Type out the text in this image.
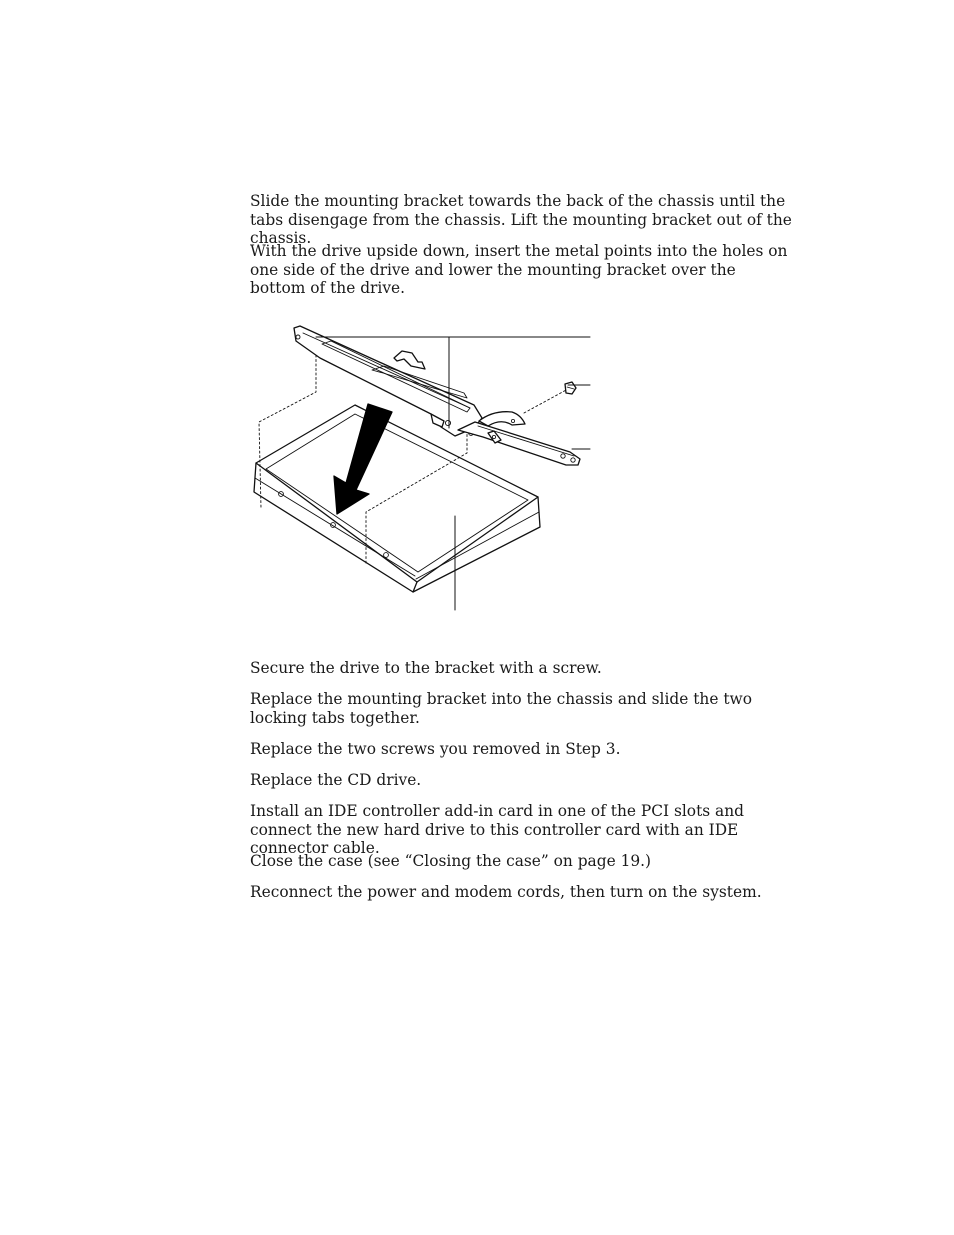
Slide the mounting bracket towards the back of the chassis until the tabs disengage from the chassis. Lift the mounting bracket out of the chassis.

With the drive upside down, insert the metal points into the holes on one side of the drive and lower the mounting bracket over the bottom of the drive.

Secure the drive to the bracket with a screw.

Replace the mounting bracket into the chassis and slide the two locking tabs together.

Replace the two screws you removed in Step 3.

Replace the CD drive.

Install an IDE controller add-in card in one of the PCI slots and connect the new hard drive to this controller card with an IDE connector cable.

Close the case (see “Closing the case” on page 19.)

Reconnect the power and modem cords, then turn on the system.
